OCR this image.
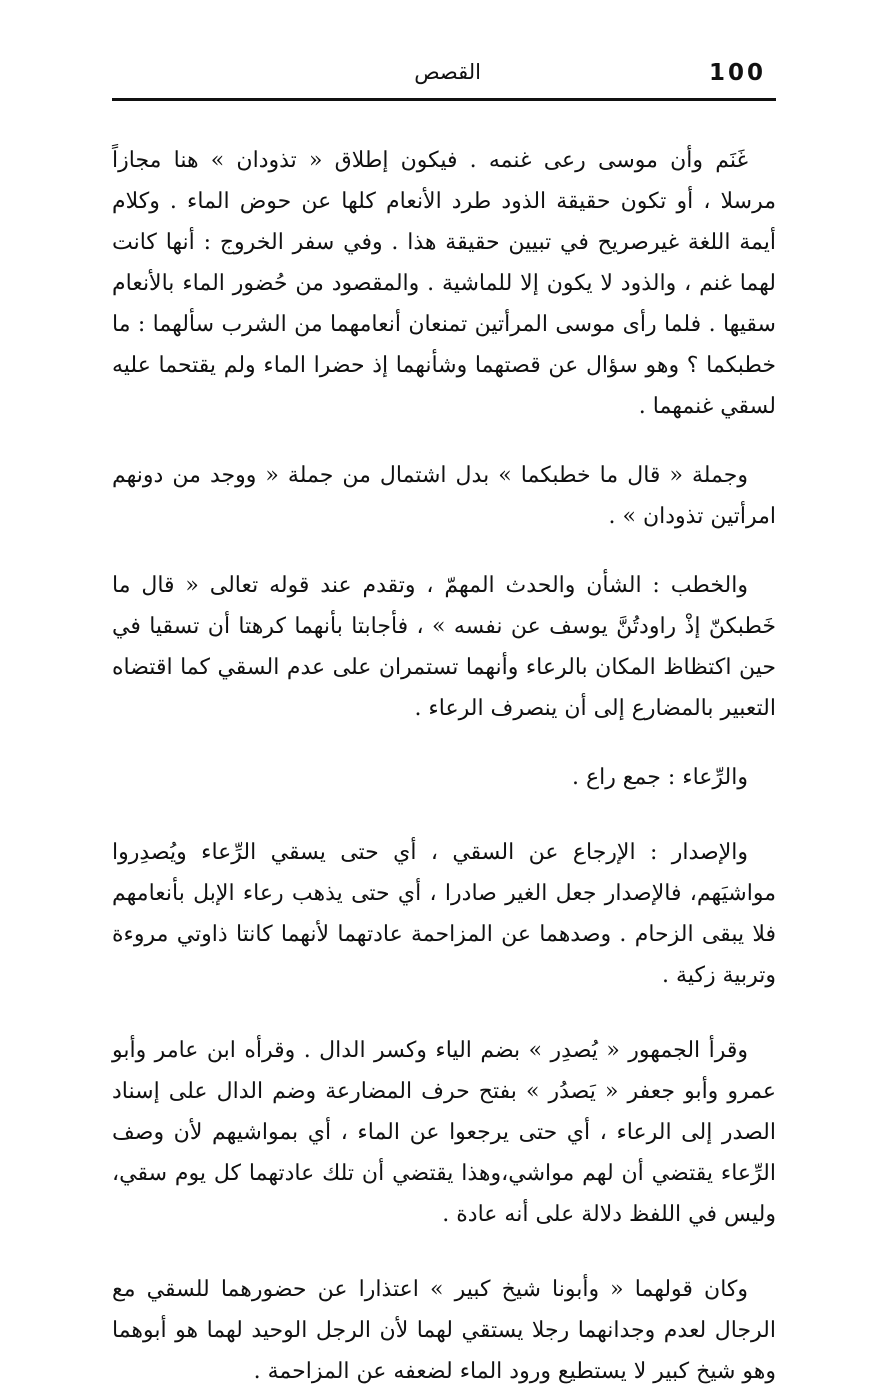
100
القصص

غَنَم وأن موسى رعى غنمه . فيكون إطلاق « تذودان » هنا مجازاً مرسلا ، أو تكون حقيقة الذود طرد الأنعام كلها عن حوض الماء . وكلام أيمة اللغة غيرصريح في تبيين حقيقة هذا . وفي سفر الخروج : أنها كانت لهما غنم ، والذود لا يكون إلا للماشية . والمقصود من حُضور الماء بالأنعام سقيها . فلما رأى موسى المرأتين تمنعان أنعامهما من الشرب سألهما : ما خطبكما ؟ وهو سؤال عن قصتهما وشأنهما إذ حضرا الماء ولم يقتحما عليه لسقي غنمهما .

وجملة « قال ما خطبكما » بدل اشتمال من جملة « ووجد من دونهم امرأتين تذودان » .

والخطب : الشأن والحدث المهمّ ، وتقدم عند قوله تعالى « قال ما خَطبكنّ إذْ راودتُنَّ يوسف عن نفسه » ، فأجابتا بأنهما كرهتا أن تسقيا في حين اكتظاظ المكان بالرعاء وأنهما تستمران على عدم السقي كما اقتضاه التعبير بالمضارع إلى أن ينصرف الرعاء .

والرِّعاء : جمع راع .

والإصدار : الإرجاع عن السقي ، أي حتى يسقي الرِّعاء ويُصدِروا مواشيَهم، فالإصدار جعل الغير صادرا ، أي حتى يذهب رعاء الإبل بأنعامهم فلا يبقى الزحام . وصدهما عن المزاحمة عادتهما لأنهما كانتا ذاوتي مروءة وتربية زكية .

وقرأ الجمهور « يُصدِر » بضم الياء وكسر الدال . وقرأه ابن عامر وأبو عمرو وأبو جعفر « يَصدُر » بفتح حرف المضارعة وضم الدال على إسناد الصدر إلى الرعاء ، أي حتى يرجعوا عن الماء ، أي بمواشيهم لأن وصف الرِّعاء يقتضي أن لهم مواشي،وهذا يقتضي أن تلك عادتهما كل يوم سقي، وليس في اللفظ دلالة على أنه عادة .

وكان قولهما « وأبونا شيخ كبير » اعتذارا عن حضورهما للسقي مع الرجال لعدم وجدانهما رجلا يستقي لهما لأن الرجل الوحيد لهما هو أبوهما وهو شيخ كبير لا يستطيع ورود الماء لضعفه عن المزاحمة .
